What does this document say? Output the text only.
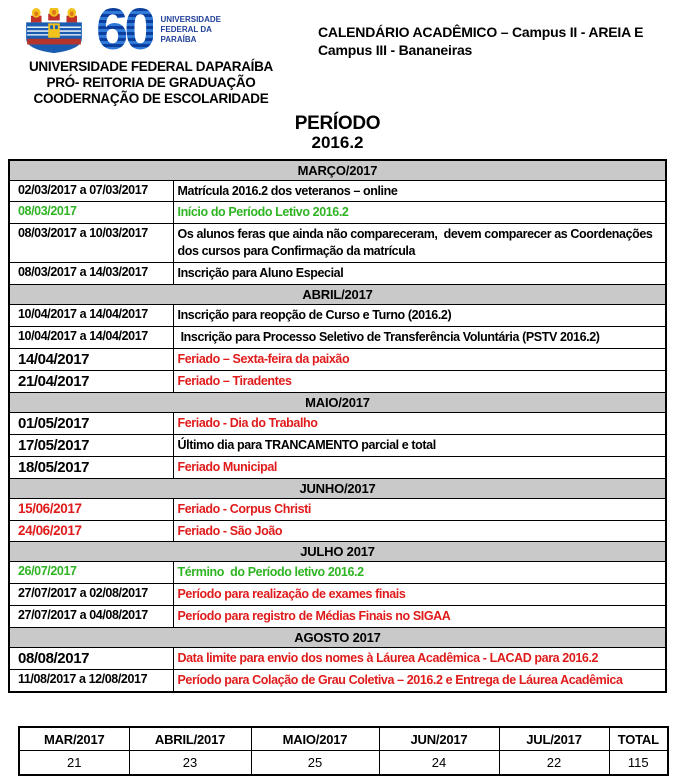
60 UNIVERSIDADE
FEDERAL DA
PARAÍBA
UNIVERSIDADE FEDERAL DAPARAÍBA
PRÓ- REITORIA DE GRADUAÇÃO
COODERNAÇÃO DE ESCOLARIDADE
CALENDÁRIO ACADÊMICO – Campus II - AREIA E
Campus III - Bananeiras
PERÍODO
2016.2
MARÇO/2017	
02/03/2017 a 07/03/2017	Matrícula 2016.2 dos veteranos – online
08/03/2017	Início do Período Letivo 2016.2
08/03/2017 a 10/03/2017	Os alunos feras que ainda não compareceram,  devem comparecer as Coordenações dos cursos para Confirmação da matrícula
08/03/2017 a 14/03/2017	Inscrição para Aluno Especial
ABRIL/2017	
10/04/2017 a 14/04/2017	Inscrição para reopção de Curso e Turno (2016.2)
10/04/2017 a 14/04/2017	Inscrição para Processo Seletivo de Transferência Voluntária (PSTV 2016.2)
14/04/2017	Feriado – Sexta-feira da paixão
21/04/2017	Feriado – Tiradentes
MAIO/2017	
01/05/2017	Feriado - Dia do Trabalho
17/05/2017	Último dia para TRANCAMENTO parcial e total
18/05/2017	Feriado Municipal
JUNHO/2017	
15/06/2017	Feriado - Corpus Christi
24/06/2017	Feriado - São João
JULHO 2017	
26/07/2017	Término  do Período letivo 2016.2
27/07/2017 a 02/08/2017	Período para realização de exames finais
27/07/2017 a 04/08/2017	Período para registro de Médias Finais no SIGAA
AGOSTO 2017	
08/08/2017	Data limite para envio dos nomes à Láurea Acadêmica - LACAD para 2016.2
11/08/2017 a 12/08/2017	Período para Colação de Grau Coletiva – 2016.2 e Entrega de Láurea Acadêmica
MAR/2017	ABRIL/2017	MAIO/2017	JUN/2017	JUL/2017	TOTAL
21	23	25	24	22	115
